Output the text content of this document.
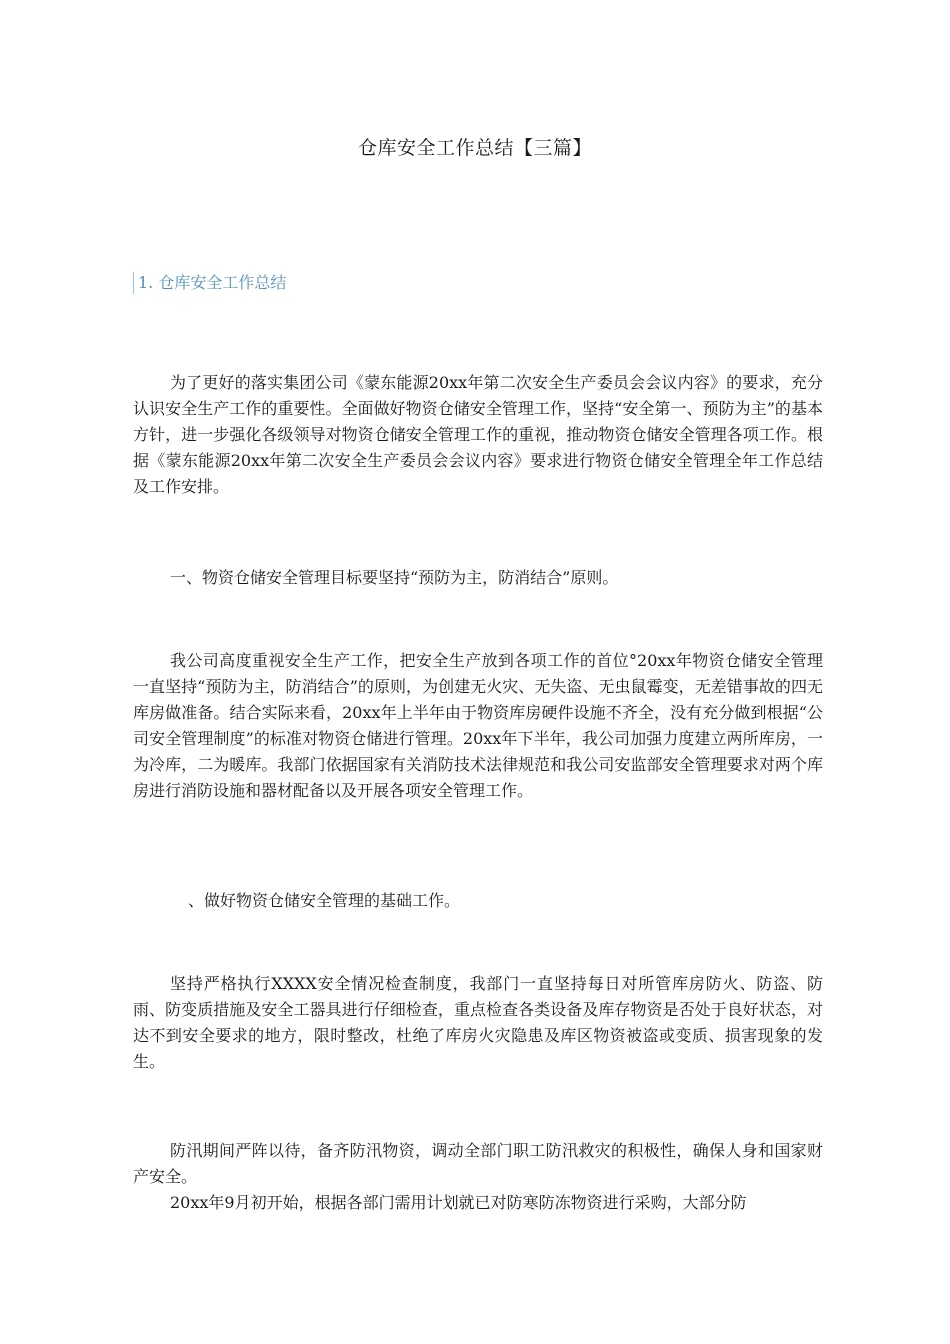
仓库安全工作总结【三篇】
1. 仓库安全工作总结

为了更好的落实集团公司《蒙东能源20xx年第二次安全生产委员会会议内容》的要求，充分认识安全生产工作的重要性。全面做好物资仓储安全管理工作，坚持“安全第一、预防为主”的基本方针，进一步强化各级领导对物资仓储安全管理工作的重视，推动物资仓储安全管理各项工作。根据《蒙东能源20xx年第二次安全生产委员会会议内容》要求进行物资仓储安全管理全年工作总结及工作安排。

一、物资仓储安全管理目标要坚持“预防为主，防消结合”原则。

我公司高度重视安全生产工作，把安全生产放到各项工作的首位°20xx年物资仓储安全管理一直坚持“预防为主，防消结合”的原则，为创建无火灾、无失盗、无虫鼠霉变，无差错事故的四无库房做准备。结合实际来看，20xx年上半年由于物资库房硬件设施不齐全，没有充分做到根据“公司安全管理制度”的标准对物资仓储进行管理。20xx年下半年，我公司加强力度建立两所库房，一为冷库，二为暖库。我部门依据国家有关消防技术法律规范和我公司安监部安全管理要求对两个库房进行消防设施和器材配备以及开展各项安全管理工作。

、做好物资仓储安全管理的基础工作。

坚持严格执行XXXX安全情况检查制度，我部门一直坚持每日对所管库房防火、防盗、防雨、防变质措施及安全工器具进行仔细检查，重点检查各类设备及库存物资是否处于良好状态，对达不到安全要求的地方，限时整改，杜绝了库房火灾隐患及库区物资被盗或变质、损害现象的发生。

防汛期间严阵以待，备齐防汛物资，调动全部门职工防汛救灾的积极性，确保人身和国家财产安全。

20xx年9月初开始，根据各部门需用计划就已对防寒防冻物资进行采购，大部分防
